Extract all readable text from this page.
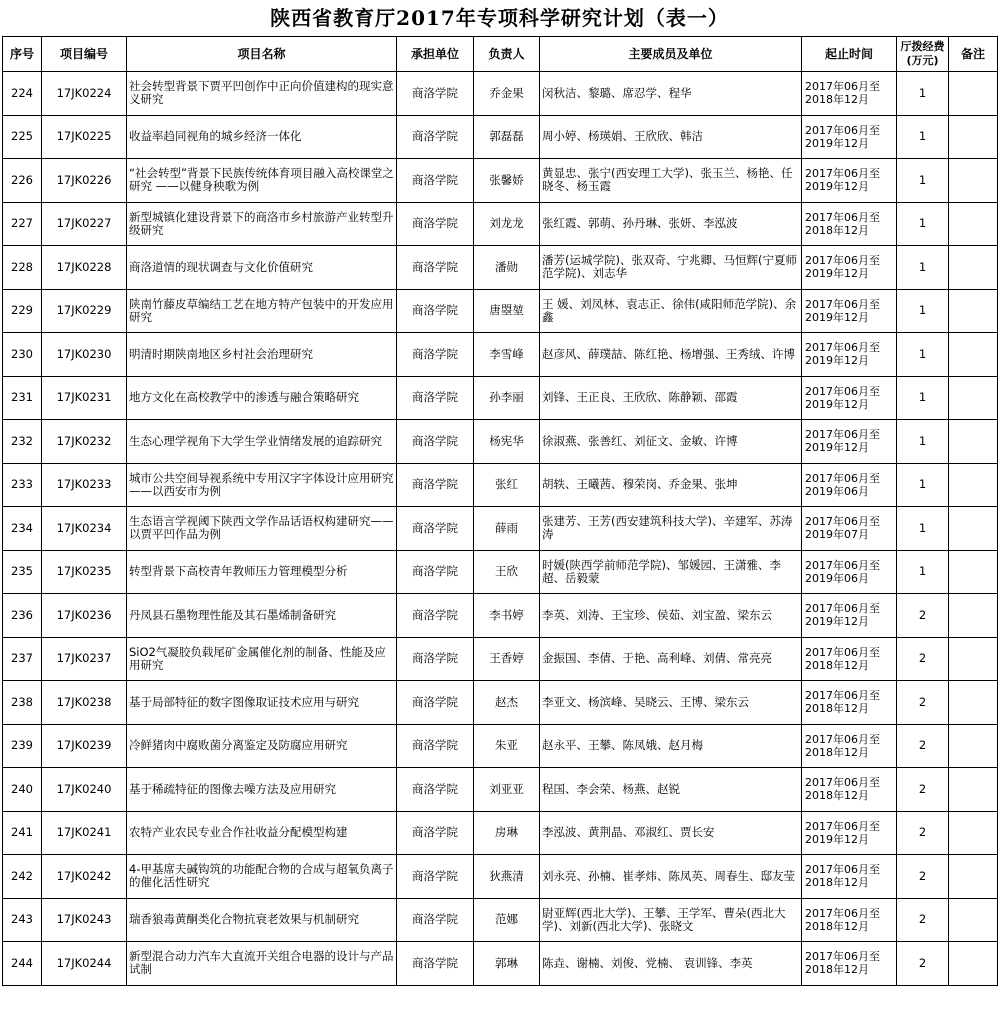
陕西省教育厅2017年专项科学研究计划（表一）
序号	项目编号	项目名称	承担单位	负责人	主要成员及单位	起止时间	厅拨经费(万元)	备注
224	17JK0224	社会转型背景下贾平凹创作中正向价值建构的现实意义研究	商洛学院	乔金果	闵秋洁、黎璐、席忍学、程华	2017年06月至2018年12月	1	
225	17JK0225	收益率趋同视角的城乡经济一体化	商洛学院	郭磊磊	周小婷、杨瑛娟、王欣欣、韩洁	2017年06月至2019年12月	1	
226	17JK0226	“社会转型”背景下民族传统体育项目融入高校课堂之研究 ——以健身秧歌为例	商洛学院	张馨娇	黄显忠、张宁(西安理工大学)、张玉兰、杨艳、任晓冬、杨玉霞	2017年06月至2019年12月	1	
227	17JK0227	新型城镇化建设背景下的商洛市乡村旅游产业转型升级研究	商洛学院	刘龙龙	张红霞、郭萌、孙丹琳、张妍、李泓波	2017年06月至2018年12月	1	
228	17JK0228	商洛道情的现状调查与文化价值研究	商洛学院	潘勋	潘芳(运城学院)、张双奇、宁兆卿、马恒辉(宁夏师范学院)、刘志华	2017年06月至2019年12月	1	
229	17JK0229	陕南竹藤皮草编结工艺在地方特产包装中的开发应用研究	商洛学院	唐曌堃	王 媛、刘凤林、袁志正、徐伟(咸阳师范学院)、余鑫	2017年06月至2019年12月	1	
230	17JK0230	明清时期陕南地区乡村社会治理研究	商洛学院	李雪峰	赵彦风、薛璞喆、陈红艳、杨增强、王秀绒、许博	2017年06月至2019年12月	1	
231	17JK0231	地方文化在高校教学中的渗透与融合策略研究	商洛学院	孙李丽	刘锋、王正良、王欣欣、陈静颖、邵霞	2017年06月至2019年12月	1	
232	17JK0232	生态心理学视角下大学生学业情绪发展的追踪研究	商洛学院	杨宪华	徐淑燕、张善红、刘征文、金敏、许博	2017年06月至2019年12月	1	
233	17JK0233	城市公共空间导视系统中专用汉字字体设计应用研究 ——以西安市为例	商洛学院	张红	胡轶、王曦茜、穆荣岗、乔金果、张坤	2017年06月至2019年06月	1	
234	17JK0234	生态语言学视阈下陕西文学作品话语权构建研究——以贾平凹作品为例	商洛学院	薛雨	张建芳、王芳(西安建筑科技大学)、辛建军、苏涛涛	2017年06月至2019年07月	1	
235	17JK0235	转型背景下高校青年教师压力管理模型分析	商洛学院	王欣	时媛(陕西学前师范学院)、邹媛园、王潇雅、李超、岳毅蒙	2017年06月至2019年06月	1	
236	17JK0236	丹凤县石墨物理性能及其石墨烯制备研究	商洛学院	李书婷	李英、刘涛、王宝珍、侯茹、刘宝盈、梁东云	2017年06月至2019年12月	2	
237	17JK0237	SiO2气凝胶负载尾矿金属催化剂的制备、性能及应用研究	商洛学院	王香婷	金振国、李倩、于艳、高利峰、刘倩、常亮亮	2017年06月至2018年12月	2	
238	17JK0238	基于局部特征的数字图像取证技术应用与研究	商洛学院	赵杰	李亚文、杨滨峰、吴晓云、王博、梁东云	2017年06月至2018年12月	2	
239	17JK0239	冷鲜猪肉中腐败菌分离鉴定及防腐应用研究	商洛学院	朱亚	赵永平、王攀、陈凤娥、赵月梅	2017年06月至2018年12月	2	
240	17JK0240	基于稀疏特征的图像去噪方法及应用研究	商洛学院	刘亚亚	程国、李会荣、杨燕、赵锐	2017年06月至2018年12月	2	
241	17JK0241	农特产业农民专业合作社收益分配模型构建	商洛学院	房琳	李泓波、黄荆晶、邓淑红、贾长安	2017年06月至2019年12月	2	
242	17JK0242	4-甲基席夫碱钩筑的功能配合物的合成与超氧负离子的催化活性研究	商洛学院	狄燕清	刘永亮、孙楠、崔孝炜、陈凤英、周春生、邸友莹	2017年06月至2018年12月	2	
243	17JK0243	瑞香狼毒黄酮类化合物抗衰老效果与机制研究	商洛学院	范娜	尉亚辉(西北大学)、王攀、王学军、曹朵(西北大学)、刘新(西北大学)、张晓文	2017年06月至2018年12月	2	
244	17JK0244	新型混合动力汽车大直流开关组合电器的设计与产品试制	商洛学院	郭琳	陈垚、谢楠、刘俊、党楠、 袁训锋、李英	2017年06月至2018年12月	2	
